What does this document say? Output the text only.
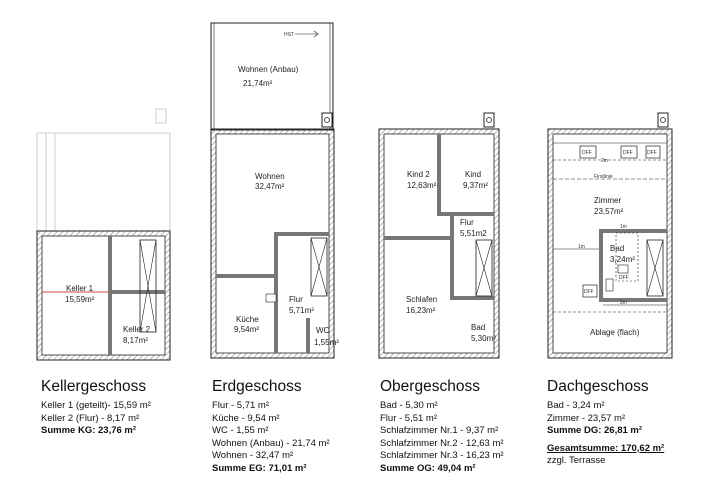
Keller 1
15,59m²
Keller 2
8,17m²
HST
Wohnen (Anbau)
21,74m²
Wohnen
32,47m²
Flur
5,71m²
Küche
9,54m²	WC
1,55m²
Kind 2
12,63m²
Kind
9,37m²
Flur
5,51m2
Schlafen
16,23m²
Bad
5,30m²
DFF	DFF	DFF
2m
Firstlinie
Zimmer
23,57m²
1m
DFF
DFF
Bad
3,24m²
1m
2m
Ablage (flach)
Kellergeschoss
Keller 1 (geteilt)- 15,59 m²
Keller 2 (Flur) - 8,17 m²
Summe KG: 23,76 m²
Erdgeschoss
Flur - 5,71 m²
Küche - 9,54 m²
WC - 1,55 m²
Wohnen (Anbau) - 21,74 m²
Wohnen - 32,47 m²
Summe EG: 71,01 m²
Obergeschoss
Bad - 5,30 m²
Flur - 5,51 m²
Schlafzimmer Nr.1 - 9,37 m²
Schlafzimmer Nr.2 - 12,63 m²
Schlafzimmer Nr.3 - 16,23 m²
Summe OG: 49,04 m²
Dachgeschoss
Bad - 3,24 m²
Zimmer - 23,57 m²
Summe DG: 26,81 m²
Gesamtsumme: 170,62 m²
zzgl. Terrasse
